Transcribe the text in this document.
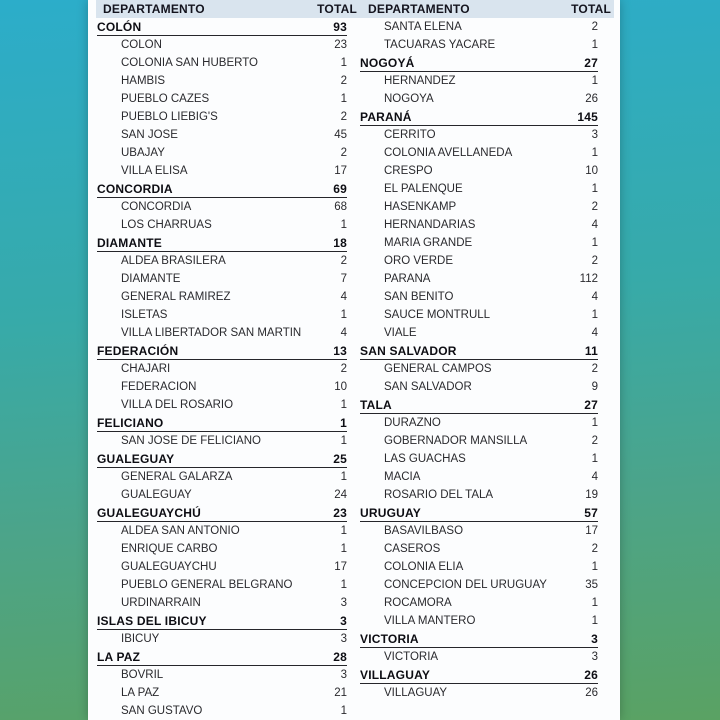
DEPARTAMENTO	TOTAL DEPARTAMENTO	TOTAL
COLÓN	93
COLON	23
COLONIA SAN HUBERTO	1
HAMBIS	2
PUEBLO CAZES	1
PUEBLO LIEBIG'S	2
SAN JOSE	45
UBAJAY	2
VILLA ELISA	17
CONCORDIA	69
CONCORDIA	68
LOS CHARRUAS	1
DIAMANTE	18
ALDEA BRASILERA	2
DIAMANTE	7
GENERAL RAMIREZ	4
ISLETAS	1
VILLA LIBERTADOR SAN MARTIN	4
FEDERACIÓN	13
CHAJARI	2
FEDERACION	10
VILLA DEL ROSARIO	1
FELICIANO	1
SAN JOSE DE FELICIANO	1
GUALEGUAY	25
GENERAL GALARZA	1
GUALEGUAY	24
GUALEGUAYCHÚ	23
ALDEA SAN ANTONIO	1
ENRIQUE CARBO	1
GUALEGUAYCHU	17
PUEBLO GENERAL BELGRANO	1
URDINARRAIN	3
ISLAS DEL IBICUY	3
IBICUY	3
LA PAZ	28
BOVRIL	3
LA PAZ	21
SAN GUSTAVO	1
SANTA ELENA	2
TACUARAS YACARE	1
NOGOYÁ	27
HERNANDEZ	1
NOGOYA	26
PARANÁ	145
CERRITO	3
COLONIA AVELLANEDA	1
CRESPO	10
EL PALENQUE	1
HASENKAMP	2
HERNANDARIAS	4
MARIA GRANDE	1
ORO VERDE	2
PARANA	112
SAN BENITO	4
SAUCE MONTRULL	1
VIALE	4
SAN SALVADOR	11
GENERAL CAMPOS	2
SAN SALVADOR	9
TALA	27
DURAZNO	1
GOBERNADOR MANSILLA	2
LAS GUACHAS	1
MACIA	4
ROSARIO DEL TALA	19
URUGUAY	57
BASAVILBASO	17
CASEROS	2
COLONIA ELIA	1
CONCEPCION DEL URUGUAY	35
ROCAMORA	1
VILLA MANTERO	1
VICTORIA	3
VICTORIA	3
VILLAGUAY	26
VILLAGUAY	26
